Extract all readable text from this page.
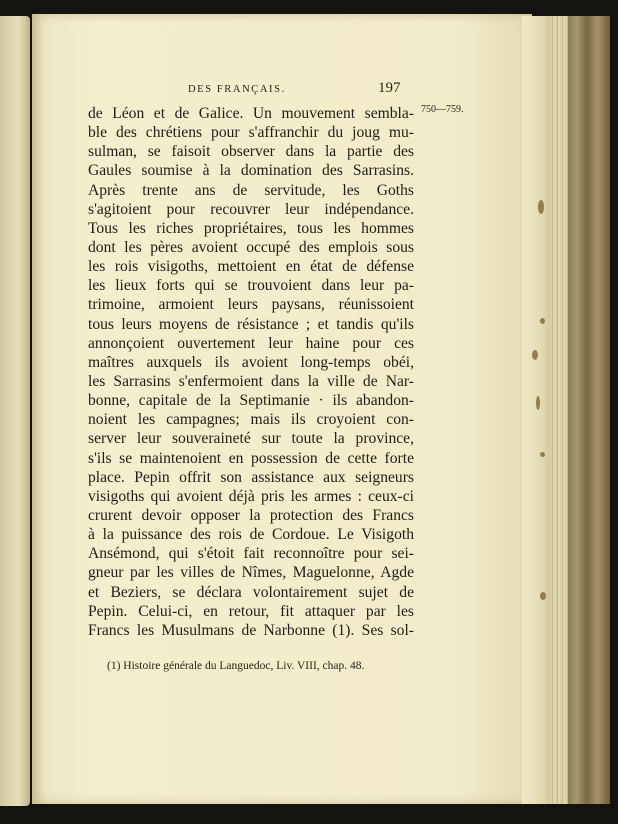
DES FRANÇAIS.	197
750—759.
de Léon et de Galice. Un mouvement sembla-
ble des chrétiens pour s'affranchir du joug mu-
sulman, se faisoit observer dans la partie des
Gaules soumise à la domination des Sarrasins.
Après trente ans de servitude, les Goths
s'agitoient pour recouvrer leur indépendance.
Tous les riches propriétaires, tous les hommes
dont les pères avoient occupé des emplois sous
les rois visigoths, mettoient en état de défense
les lieux forts qui se trouvoient dans leur pa-
trimoine, armoient leurs paysans, réunissoient
tous leurs moyens de résistance ; et tandis qu'ils
annonçoient ouvertement leur haine pour ces
maîtres auxquels ils avoient long-temps obéi,
les Sarrasins s'enfermoient dans la ville de Nar-
bonne, capitale de la Septimanie · ils abandon-
noient les campagnes; mais ils croyoient con-
server leur souveraineté sur toute la province,
s'ils se maintenoient en possession de cette forte
place. Pepin offrit son assistance aux seigneurs
visigoths qui avoient déjà pris les armes : ceux-ci
crurent devoir opposer la protection des Francs
à la puissance des rois de Cordoue. Le Visigoth
Ansémond, qui s'étoit fait reconnoître pour sei-
gneur par les villes de Nîmes, Maguelonne, Agde
et Beziers, se déclara volontairement sujet de
Pepin. Celui-ci, en retour, fit attaquer par les
Francs les Musulmans de Narbonne (1). Ses sol-
(1) Histoire générale du Languedoc, Liv. VIII, chap. 48.
